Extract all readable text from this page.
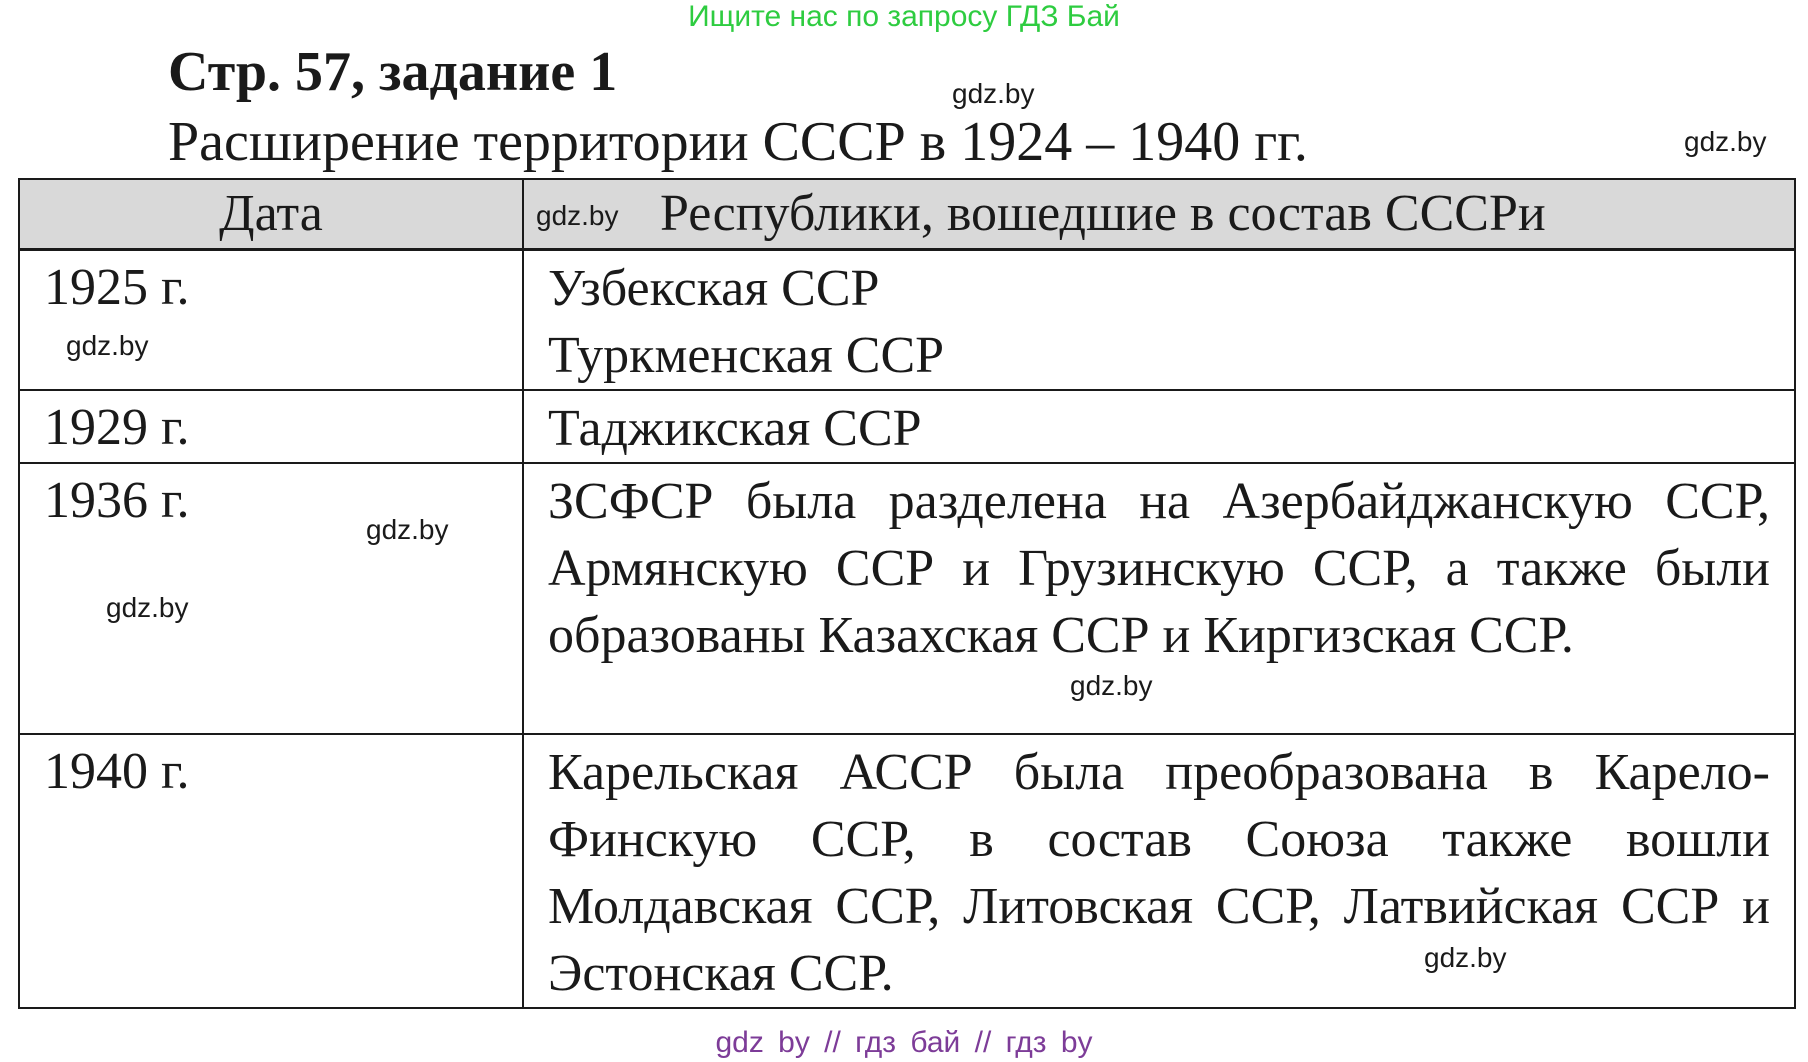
Ищите нас по запросу ГДЗ Бай
Стр. 57, задание 1
Расширение территории СССР в 1924 – 1940 гг.
Дата	Республики, вошедшие в состав СССРи
1925 г.	Узбекская ССР
Туркменская ССР

1929 г.	Таджикская ССР

1936 г.	ЗСФСР была разделена на Азербайджанскую ССР, Армянскую ССР и Грузинскую ССР, а также были образованы Казахская ССР и Киргизская ССР.
1940 г.	Карельская АССР была преобразована в Карело-Финскую ССР, в состав Союза также вошли Молдавская ССР, Литовская ССР, Латвийская ССР и Эстонская ССР.
gdz.by
gdz.by
gdz.by
gdz.by
gdz.by
gdz.by
gdz.by
gdz.by
gdz by // гдз бай // гдз by
